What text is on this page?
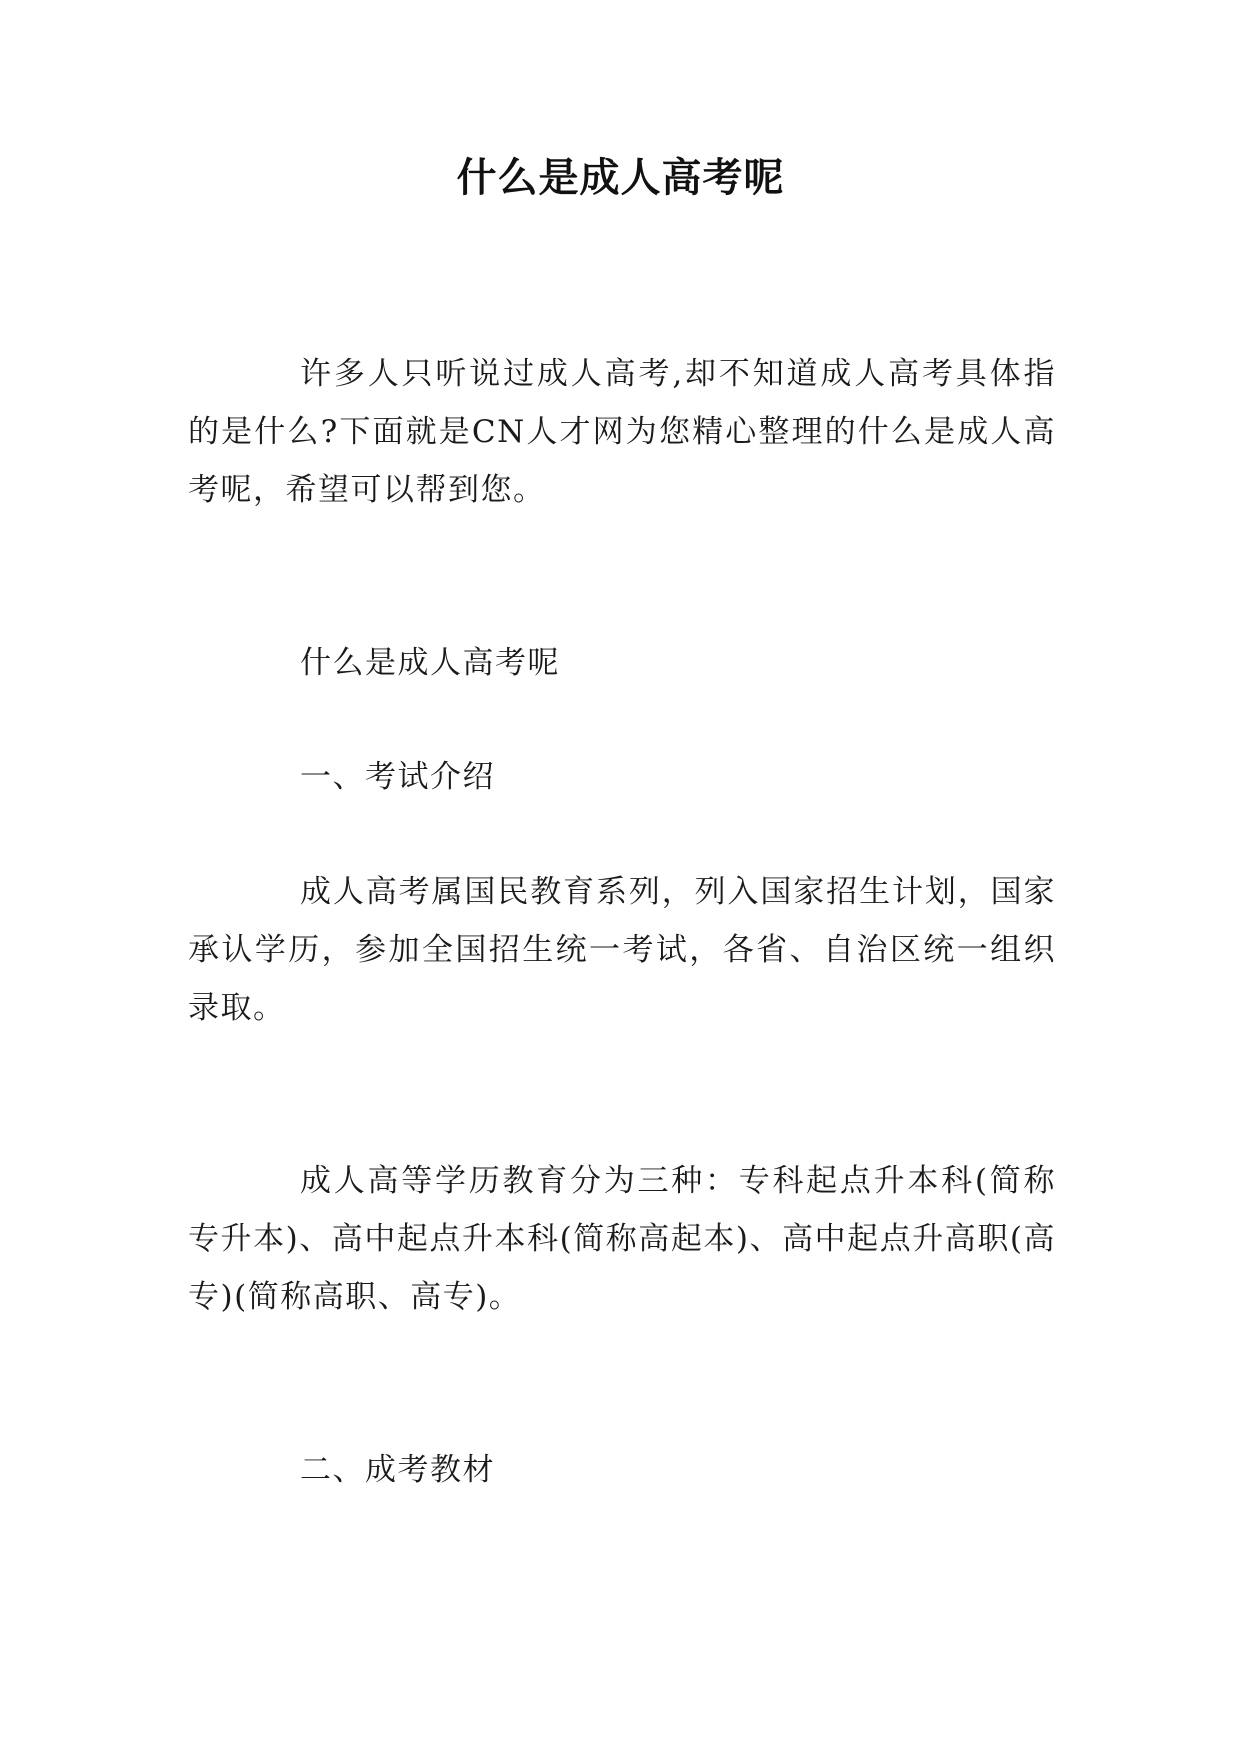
什么是成人高考呢

许多人只听说过成人高考,却不知道成人高考具体指的是什么?下面就是CN人才网为您精心整理的什么是成人高考呢，希望可以帮到您。

什么是成人高考呢

一、考试介绍

成人高考属国民教育系列，列入国家招生计划，国家承认学历，参加全国招生统一考试，各省、自治区统一组织录取。

成人高等学历教育分为三种：专科起点升本科(简称专升本)、高中起点升本科(简称高起本)、高中起点升高职(高专)(简称高职、高专)。

二、成考教材
